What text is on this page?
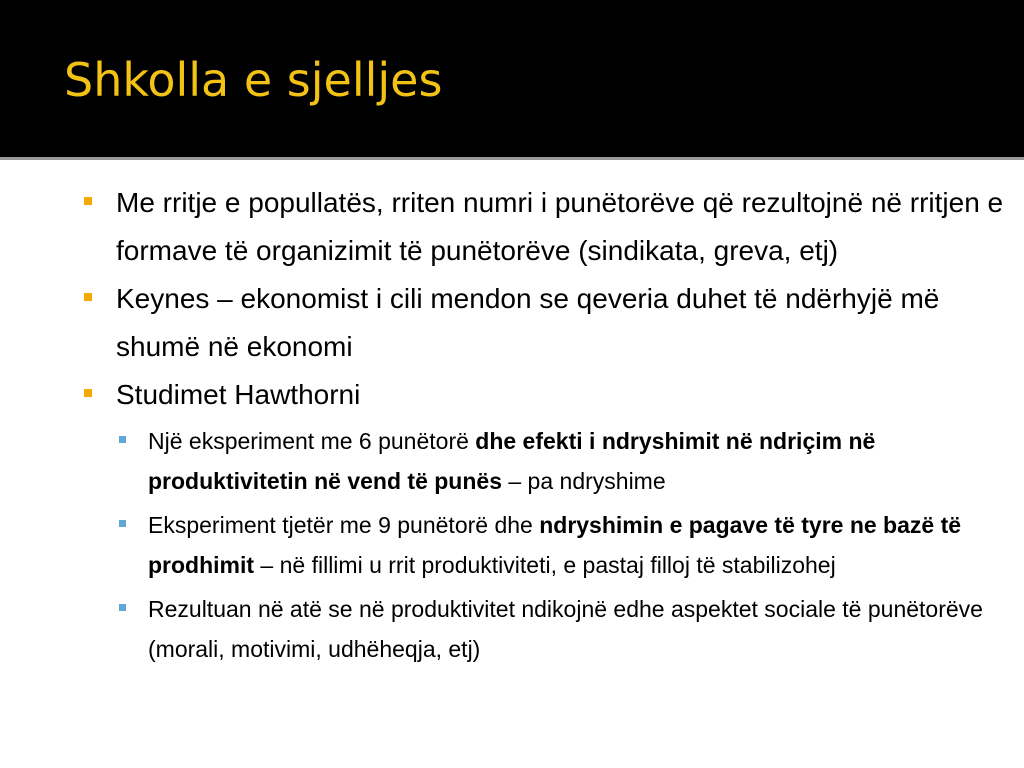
Shkolla e sjelljes
Me rritje e popullatës, rriten numri i punëtorëve që rezultojnë në rritjen e formave të organizimit të punëtorëve (sindikata, greva, etj)
Keynes – ekonomist i cili mendon se qeveria duhet të ndërhyjë më shumë në ekonomi
Studimet Hawthorni
Një eksperiment me 6 punëtorë dhe efekti i ndryshimit në ndriçim në produktivitetin në vend të punës – pa ndryshime
Eksperiment tjetër me 9 punëtorë dhe ndryshimin e pagave të tyre ne bazë të prodhimit – në fillimi u rrit produktiviteti, e pastaj filloj të stabilizohej
Rezultuan në atë se në produktivitet ndikojnë edhe aspektet sociale të punëtorëve (morali, motivimi, udhëheqja, etj)
